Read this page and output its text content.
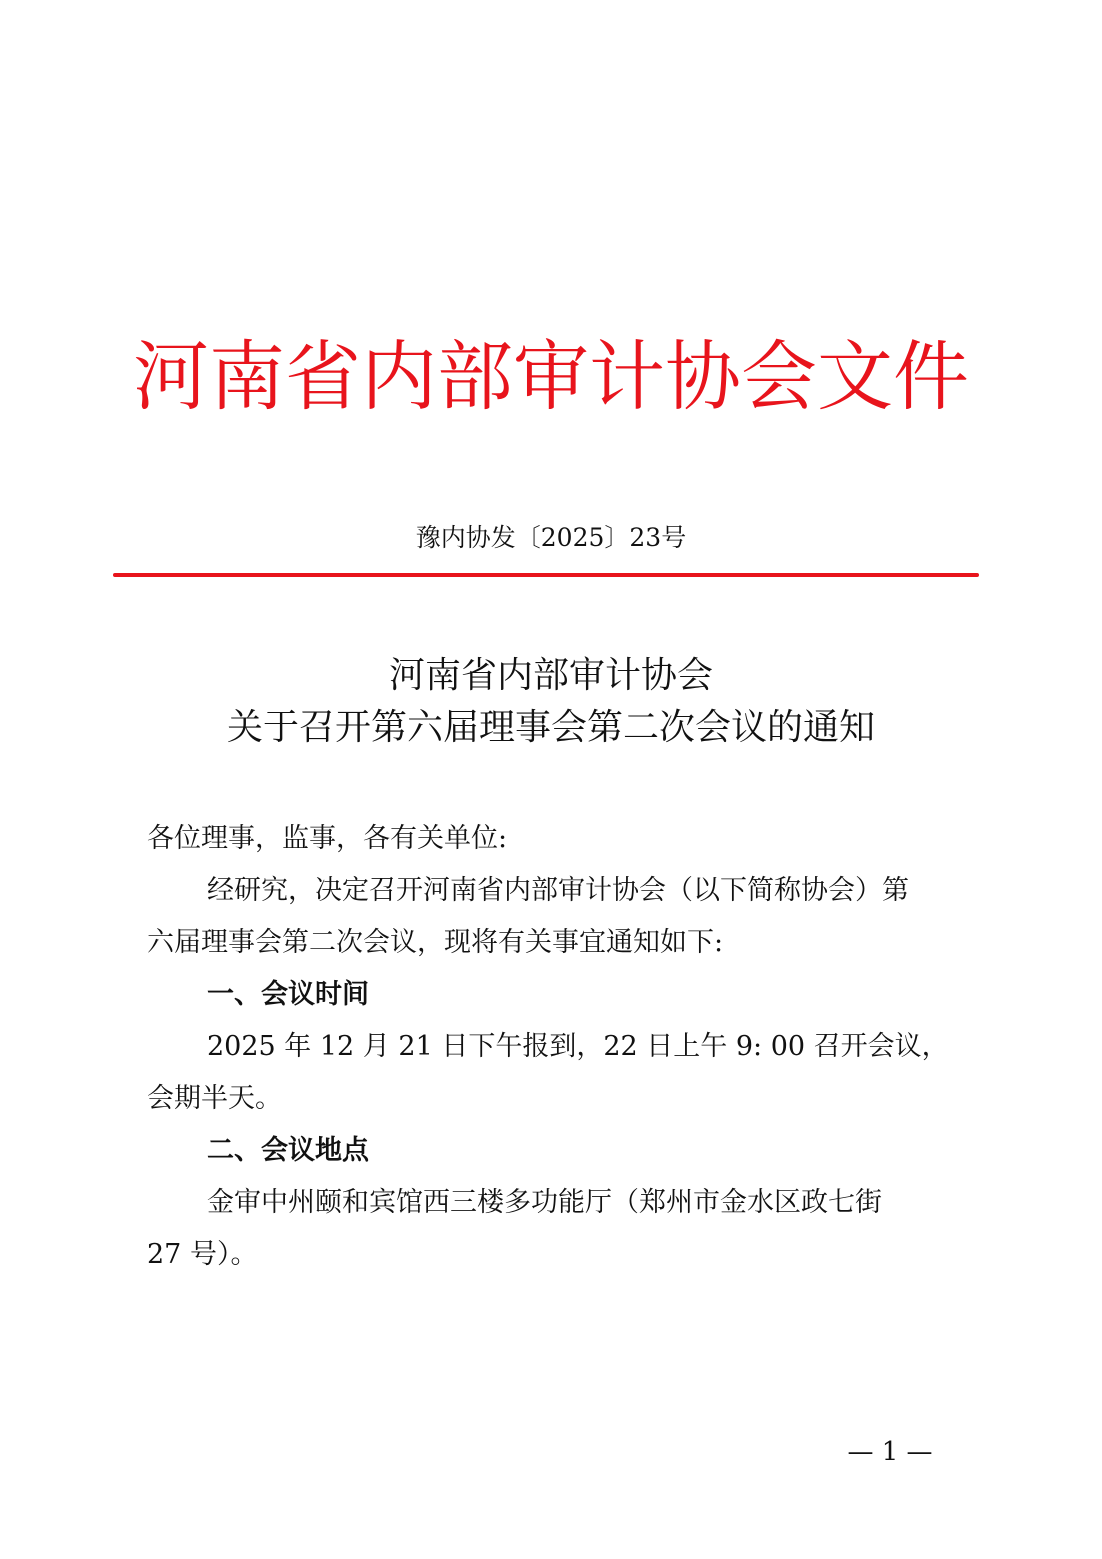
河南省内部审计协会文件
豫内协发〔2025〕23号
河南省内部审计协会
关于召开第六届理事会第二次会议的通知
各位理事，监事，各有关单位:
经研究，决定召开河南省内部审计协会（以下简称协会）第
六届理事会第二次会议，现将有关事宜通知如下:
一、会议时间
2025 年 12 月 21 日下午报到，22 日上午 9: 00 召开会议，
会期半天。
二、会议地点
金审中州颐和宾馆西三楼多功能厅（郑州市金水区政七街
27 号）。
— 1 —
